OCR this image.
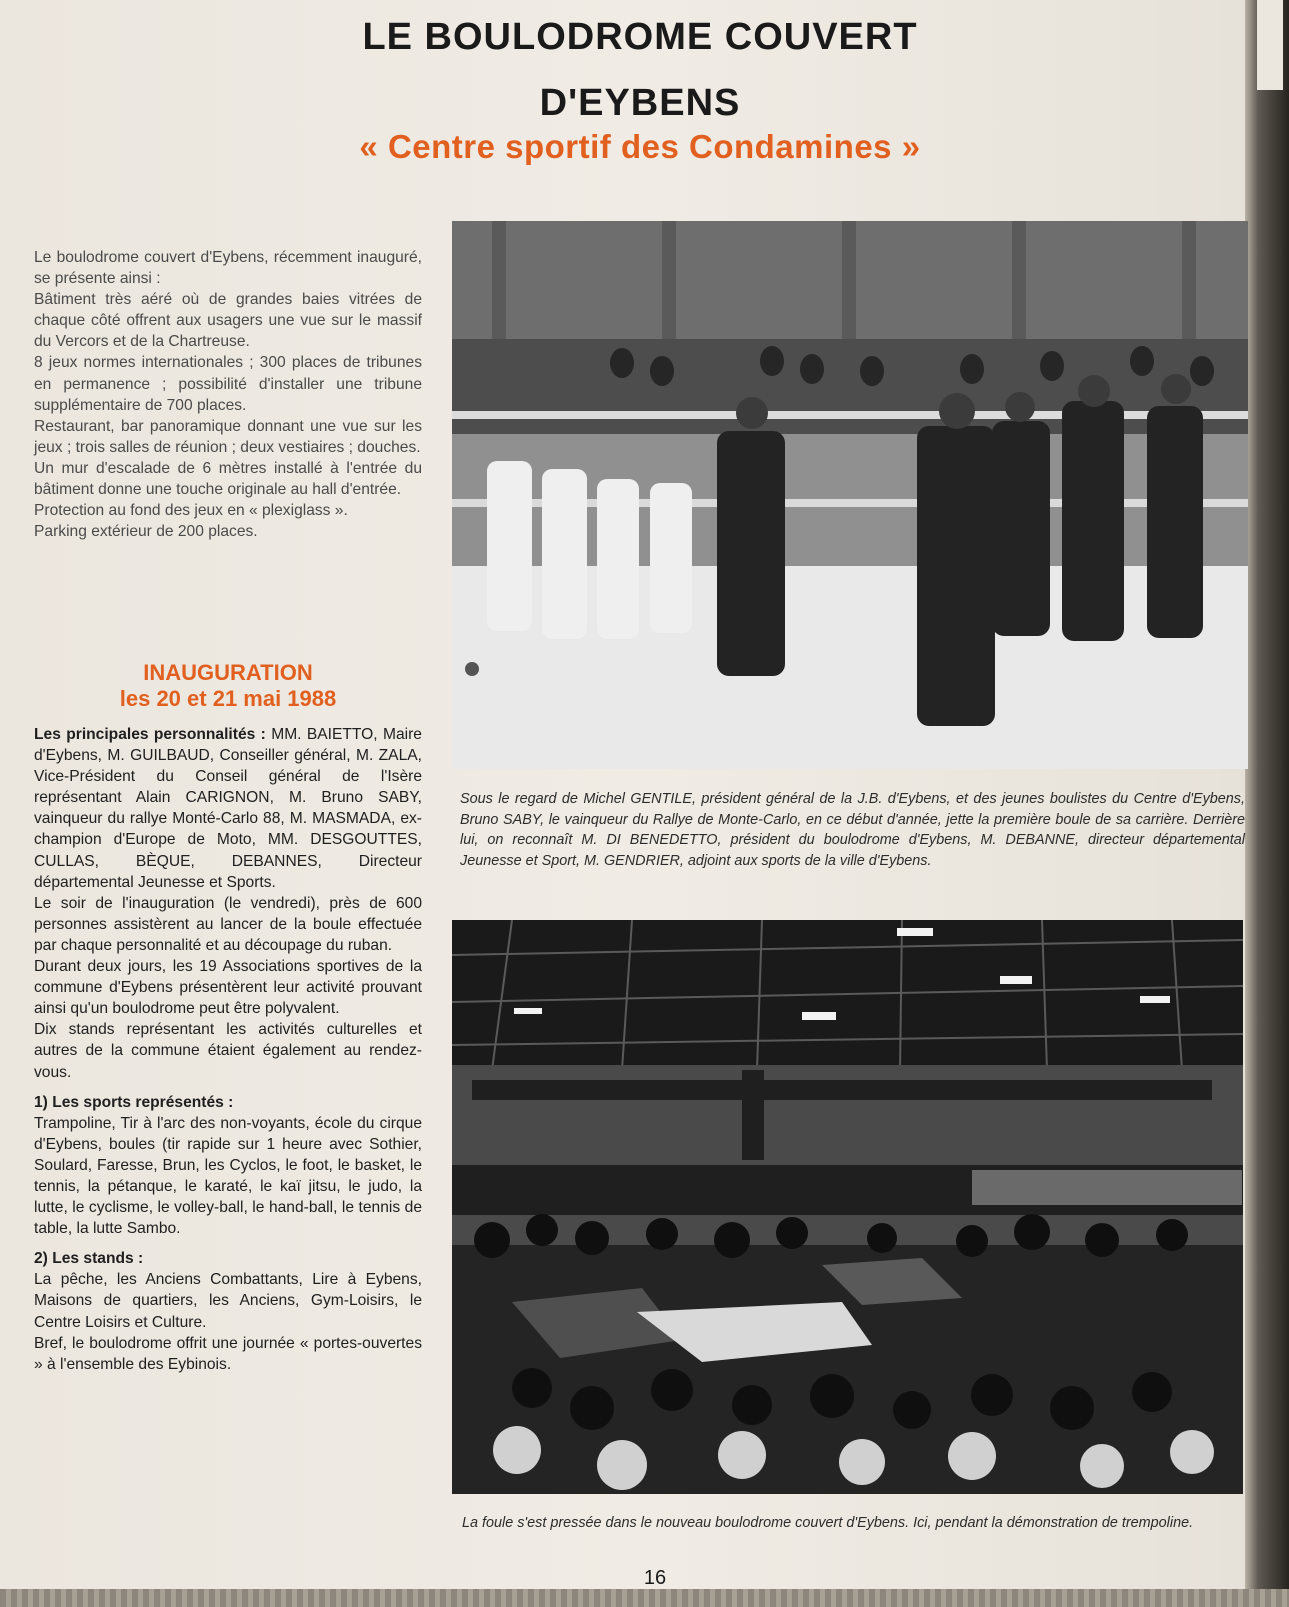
LE BOULODROME COUVERT
D'EYBENS
« Centre sportif des Condamines »

Le boulodrome couvert d'Eybens, récemment inauguré, se présente ainsi :

Bâtiment très aéré où de grandes baies vitrées de chaque côté offrent aux usagers une vue sur le massif du Vercors et de la Chartreuse.

8 jeux normes internationales ; 300 places de tribunes en permanence ; possibilité d'installer une tribune supplémentaire de 700 places.

Restaurant, bar panoramique donnant une vue sur les jeux ; trois salles de réunion ; deux vestiaires ; douches.

Un mur d'escalade de 6 mètres installé à l'entrée du bâtiment donne une touche originale au hall d'entrée.

Protection au fond des jeux en « plexiglass ».

Parking extérieur de 200 places.

INAUGURATION
les 20 et 21 mai 1988

Les principales personnalités : MM. BAIETTO, Maire d'Eybens, M. GUILBAUD, Conseiller général, M. ZALA, Vice-Président du Conseil général de l'Isère représentant Alain CARIGNON, M. Bruno SABY, vainqueur du rallye Monté-Carlo 88, M. MASMADA, ex-champion d'Europe de Moto, MM. DESGOUTTES, CULLAS, BÈQUE, DEBANNES, Directeur départemental Jeunesse et Sports.

Le soir de l'inauguration (le vendredi), près de 600 personnes assistèrent au lancer de la boule effectuée par chaque personnalité et au découpage du ruban.

Durant deux jours, les 19 Associations sportives de la commune d'Eybens présentèrent leur activité prouvant ainsi qu'un boulodrome peut être polyvalent.

Dix stands représentant les activités culturelles et autres de la commune étaient également au rendez-vous.

1) Les sports représentés :

Trampoline, Tir à l'arc des non-voyants, école du cirque d'Eybens, boules (tir rapide sur 1 heure avec Sothier, Soulard, Faresse, Brun, les Cyclos, le foot, le basket, le tennis, la pétanque, le karaté, le kaï jitsu, le judo, la lutte, le cyclisme, le volley-ball, le hand-ball, le tennis de table, la lutte Sambo.

2) Les stands :

La pêche, les Anciens Combattants, Lire à Eybens, Maisons de quartiers, les Anciens, Gym-Loisirs, le Centre Loisirs et Culture.

Bref, le boulodrome offrit une journée « portes-ouvertes » à l'ensemble des Eybinois.

Sous le regard de Michel GENTILE, président général de la J.B. d'Eybens, et des jeunes boulistes du Centre d'Eybens, Bruno SABY, le vainqueur du Rallye de Monte-Carlo, en ce début d'année, jette la première boule de sa carrière. Derrière lui, on reconnaît M. DI BENEDETTO, président du boulodrome d'Eybens, M. DEBANNE, directeur départemental Jeunesse et Sport, M. GENDRIER, adjoint aux sports de la ville d'Eybens.
La foule s'est pressée dans le nouveau boulodrome couvert d'Eybens. Ici, pendant la démonstration de trempoline.
16
